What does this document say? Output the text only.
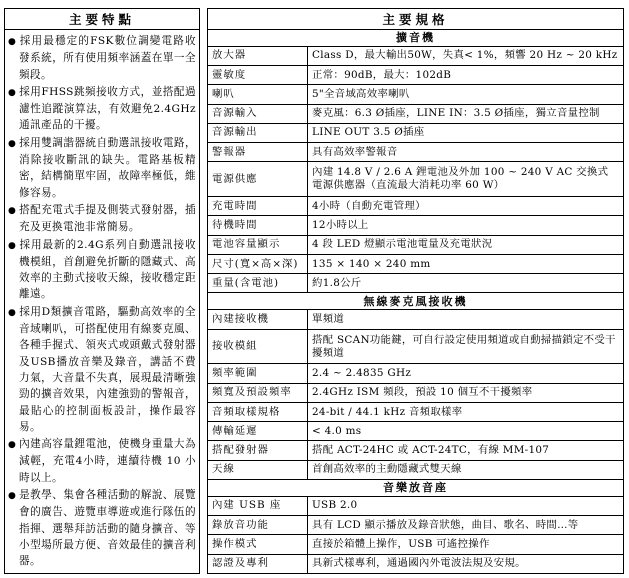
主要特點

● 採用最穩定的FSK數位調變電路收發系統，所有使用頻率涵蓋在單一全頻段。
● 採用FHSS跳頻接收方式，並搭配過濾性追蹤演算法，有效避免2.4GHz通訊產品的干擾。
● 採用雙調諧器統自動選訊接收電路，消除接收斷訊的缺失。電路基板精密，結構簡單牢固，故障率極低，維修容易。
● 搭配充電式手提及側裝式發射器，插充及更換電池非常簡易。
● 採用最新的2.4G系列自動選訊接收機模組，首創避免折斷的隱藏式、高效率的主動式接收天線，接收穩定距離遠。
● 採用D類擴音電路，驅動高效率的全音域喇叭，可搭配使用有線麥克風、各種手握式、領夾式或頭戴式發射器及USB播放音樂及錄音，講話不費力氣，大音量不失真，展現最清晰強勁的擴音效果，內建強勁的警報音，最貼心的控制面板設計，操作最容易。
● 內建高容量鋰電池，使機身重量大為減輕，充電4小時，連續待機 10 小時以上。
● 是教學、集會各種活動的解說、展覽會的廣告、遊覽車導遊或進行隊伍的指揮、選舉拜訪活動的隨身擴音、等小型場所最方便、音效最佳的擴音利器。
主要規格	
擴音機	
放大器	Class D，最大輸出50W，失真< 1%，頻響 20 Hz ~ 20 kHz
靈敏度	正常：90dB，最大：102dB
喇叭	5"全音域高效率喇叭
音源輸入	麥克風：6.3 Ø插座，LINE IN：3.5 Ø插座，獨立音量控制
音源輸出	LINE OUT 3.5 Ø插座
警報器	具有高效率警報音
電源供應	內建 14.8 V / 2.6 A 鋰電池及外加 100 ~ 240 V AC 交換式電源供應器（直流最大消耗功率 60 W）
充電時間	4小時（自動充電管理）
待機時間	12小時以上
電池容量顯示	4 段 LED 燈顯示電池電量及充電狀況
尺寸(寬×高×深)	135 × 140 × 240 mm
重量(含電池)	約1.8公斤
無線麥克風接收機	
內建接收機	單頻道
接收模組	搭配 SCAN功能鍵，可自行設定使用頻道或自動掃描鎖定不受干擾頻道
頻率範圍	2.4 ~ 2.4835 GHz
頻寬及預設頻率	2.4GHz ISM 頻段，預設 10 個互不干擾頻率
音頻取樣規格	24-bit / 44.1 kHz 音頻取樣率
傳輸延遲	< 4.0 ms
搭配發射器	搭配 ACT-24HC 或 ACT-24TC，有線 MM-107
天線	首創高效率的主動隱藏式雙天線
音樂放音座	
內建 USB 座	USB 2.0
錄放音功能	具有 LCD 顯示播放及錄音狀態，曲目、歌名、時間…等
操作模式	直接於箱體上操作，USB 可遙控操作
認證及專利	具新式樣專利，通過國內外電波法規及安規。
